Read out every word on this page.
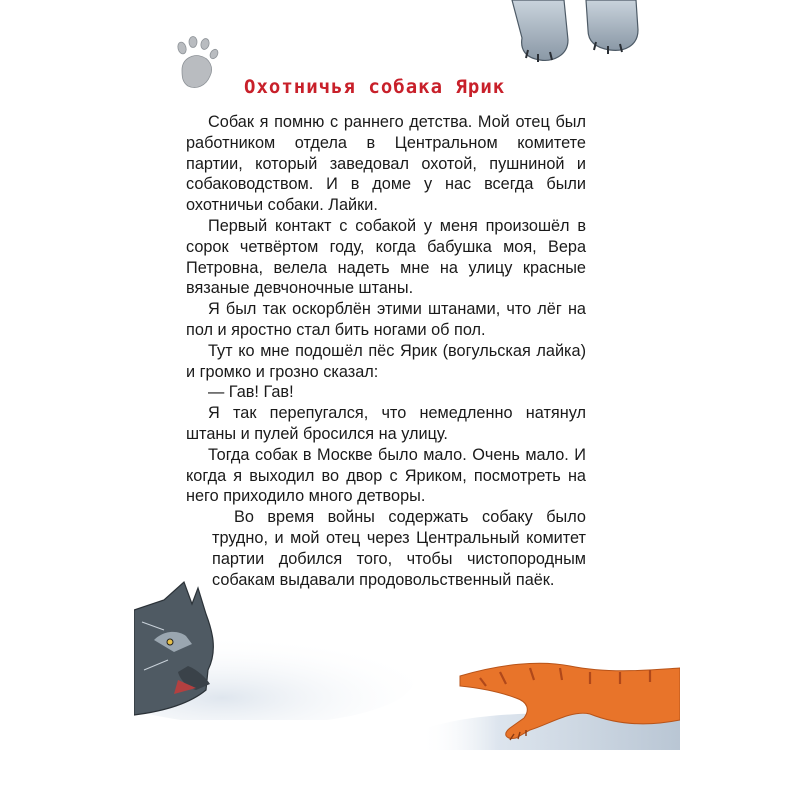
Охотничья собака Ярик

Собак я помню с раннего детства. Мой отец был работником отдела в Центральном комитете партии, который заведовал охотой, пушниной и собаководством. И в доме у нас всегда были охотничьи собаки. Лайки.

Первый контакт с собакой у меня произошёл в сорок четвёртом году, когда бабушка моя, Вера Петровна, велела надеть мне на улицу красные вязаные девчоночные штаны.

Я был так оскорблён этими штанами, что лёг на пол и яростно стал бить ногами об пол.

Тут ко мне подошёл пёс Ярик (вогульская лайка) и громко и грозно сказал:

— Гав! Гав!

Я так перепугался, что немедленно натянул штаны и пулей бросился на улицу.

Тогда собак в Москве было мало. Очень мало. И когда я выходил во двор с Яриком, посмотреть на него приходило много детворы.

Во время войны содержать собаку было трудно, и мой отец через Центральный комитет партии добился того, чтобы чистопородным собакам выдавали продовольственный паёк.
